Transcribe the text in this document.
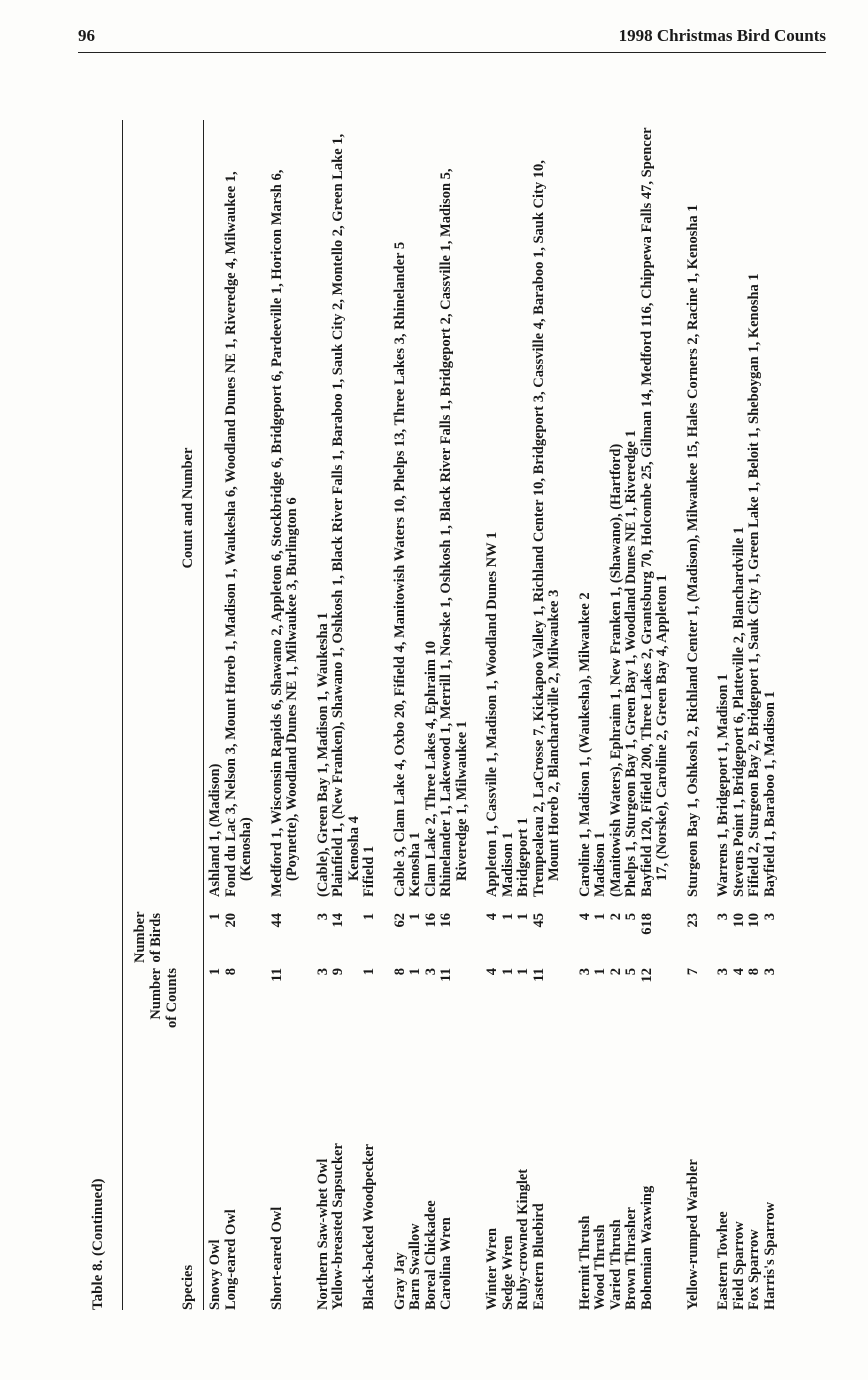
96	1998 Christmas Bird Counts
Table 8. (Continued)	Species
Number of Counts
Number of Birds
Count and Number
Snowy Owl
1
1
Ashland 1, (Madison)
Long-eared Owl
8
20
Fond du Lac 3, Nelson 3, Mount Horeb 1, Madison 1, Waukesha 6, Woodland Dunes NE 1, Riveredge 4, Milwaukee 1, (Kenosha)
Short-eared Owl
11
44
Medford 1, Wisconsin Rapids 6, Shawano 2, Appleton 6, Stockbridge 6, Bridgeport 6, Pardeeville 1, Horicon Marsh 6, (Poynette), Woodland Dunes NE 1, Milwaukee 3, Burlington 6
Northern Saw-whet Owl
3
3
(Cable), Green Bay 1, Madison 1, Waukesha 1
Yellow-breasted Sapsucker
9
14
Plainfield 1, (New Franken), Shawano 1, Oshkosh 1, Black River Falls 1, Baraboo 1, Sauk City 2, Montello 2, Green Lake 1, Kenosha 4
Black-backed Woodpecker
1
1
Fifield 1
Gray Jay
8
62
Cable 3, Clam Lake 4, Oxbo 20, Fifield 4, Manitowish Waters 10, Phelps 13, Three Lakes 3, Rhinelander 5
Barn Swallow
1
1
Kenosha 1
Boreal Chickadee
3
16
Clam Lake 2, Three Lakes 4, Ephraim 10
Carolina Wren
11
16
Rhinelander 1, Lakewood 1, Merrill 1, Norske 1, Oshkosh 1, Black River Falls 1, Bridgeport 2, Cassville 1, Madison 5, Riveredge 1, Milwaukee 1
Winter Wren
4
4
Appleton 1, Cassville 1, Madison 1, Woodland Dunes NW 1
Sedge Wren
1
1
Madison 1
Ruby-crowned Kinglet
1
1
Bridgeport 1
Eastern Bluebird
11
45
Trempealeau 2, LaCrosse 7, Kickapoo Valley 1, Richland Center 10, Bridgeport 3, Cassville 4, Baraboo 1, Sauk City 10, Mount Horeb 2, Blanchardville 2, Milwaukee 3
Hermit Thrush
3
4
Caroline 1, Madison 1, (Waukesha), Milwaukee 2
Wood Thrush
1
1
Madison 1
Varied Thrush
2
2
(Manitowish Waters), Ephraim 1, New Franken 1, (Shawano), (Hartford)
Brown Thrasher
5
5
Phelps 1, Sturgeon Bay 1, Green Bay 1, Woodland Dunes NE 1, Riveredge 1
Bohemian Waxwing
12
618
Bayfield 120, Fifield 200, Three Lakes 2, Grantsburg 70, Holcombe 25, Gilman 14, Medford 116, Chippewa Falls 47, Spencer 17, (Norske), Caroline 2, Green Bay 4, Appleton 1
Yellow-rumped Warbler
7
23
Sturgeon Bay 1, Oshkosh 2, Richland Center 1, (Madison), Milwaukee 15, Hales Corners 2, Racine 1, Kenosha 1
Eastern Towhee
3
3
Warrens 1, Bridgeport 1, Madison 1
Field Sparrow
4
10
Stevens Point 1, Bridgeport 6, Platteville 2, Blanchardville 1
Fox Sparrow
8
10
Fifield 2, Sturgeon Bay 2, Bridgeport 1, Sauk City 1, Green Lake 1, Beloit 1, Sheboygan 1, Kenosha 1
Harris's Sparrow
3
3
Bayfield 1, Baraboo 1, Madison 1
